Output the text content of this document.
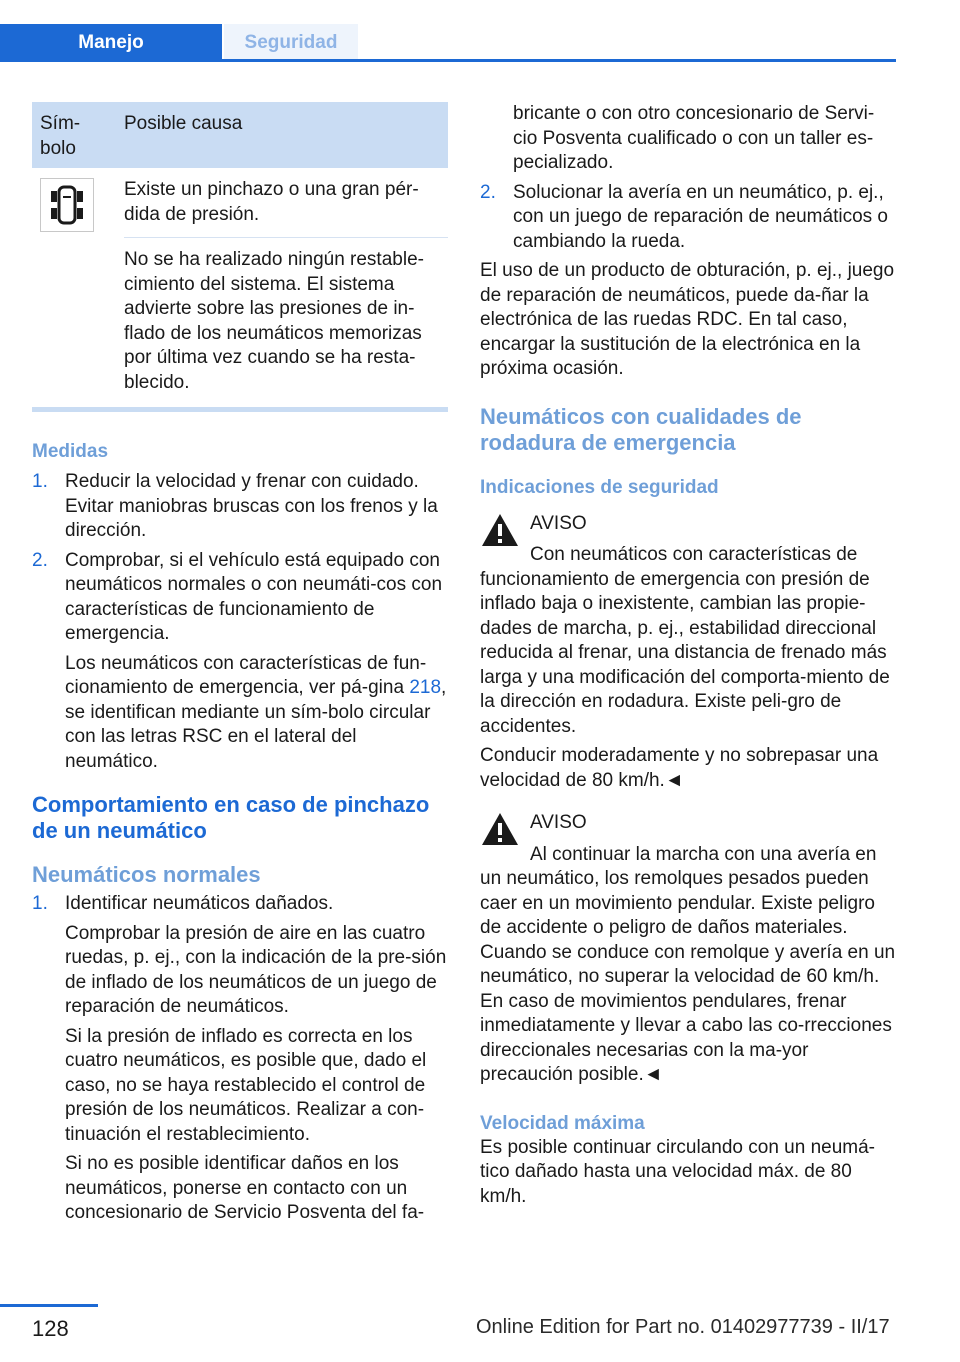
Manejo	Seguridad
Sím‐
bolo
Posible causa
Existe un pinchazo o una gran pér‐dida de presión.
No se ha realizado ningún restable‐cimiento del sistema. El sistema advierte sobre las presiones de in‐flado de los neumáticos memorizas por última vez cuando se ha resta‐blecido.
Medidas
1. Reducir la velocidad y frenar con cuidado. Evitar maniobras bruscas con los frenos y la dirección.
2. Comprobar, si el vehículo está equipado con neumáticos normales o con neumáti‐cos con características de funcionamiento de emergencia.

Los neumáticos con características de fun‐cionamiento de emergencia, ver pá‐gina 218, se identifican mediante un sím‐bolo circular con las letras RSC en el lateral del neumático.

Comportamiento en caso de pinchazo de un neumático
Neumáticos normales
1. Identificar neumáticos dañados.

Comprobar la presión de aire en las cuatro ruedas, p. ej., con la indicación de la pre‐sión de inflado de los neumáticos de un juego de reparación de neumáticos.

Si la presión de inflado es correcta en los cuatro neumáticos, es posible que, dado el caso, no se haya restablecido el control de presión de los neumáticos. Realizar a con‐tinuación el restablecimiento.

Si no es posible identificar daños en los neumáticos, ponerse en contacto con un concesionario de Servicio Posventa del fa‐

bricante o con otro concesionario de Servi‐cio Posventa cualificado o con un taller es‐pecializado.

2. Solucionar la avería en un neumático, p. ej., con un juego de reparación de neumáticos o cambiando la rueda.

El uso de un producto de obturación, p. ej., juego de reparación de neumáticos, puede da‐ñar la electrónica de las ruedas RDC. En tal caso, encargar la sustitución de la electrónica en la próxima ocasión.

Neumáticos con cualidades de rodadura de emergencia
Indicaciones de seguridad

AVISO

Con neumáticos con características de

funcionamiento de emergencia con presión de inflado baja o inexistente, cambian las propie‐dades de marcha, p. ej., estabilidad direccional reducida al frenar, una distancia de frenado más larga y una modificación del comporta‐miento de la dirección en rodadura. Existe peli‐gro de accidentes.

Conducir moderadamente y no sobrepasar una velocidad de 80 km/h.◄

AVISO

Al continuar la marcha con una avería en

un neumático, los remolques pesados pueden caer en un movimiento pendular. Existe peligro de accidente o peligro de daños materiales. Cuando se conduce con remolque y avería en un neumático, no superar la velocidad de 60 km/h. En caso de movimientos pendulares, frenar inmediatamente y llevar a cabo las co‐rrecciones direccionales necesarias con la ma‐yor precaución posible.◄

Velocidad máxima

Es posible continuar circulando con un neumá‐tico dañado hasta una velocidad máx. de 80 km/h.

128	Online Edition for Part no. 01402977739 - II/17
